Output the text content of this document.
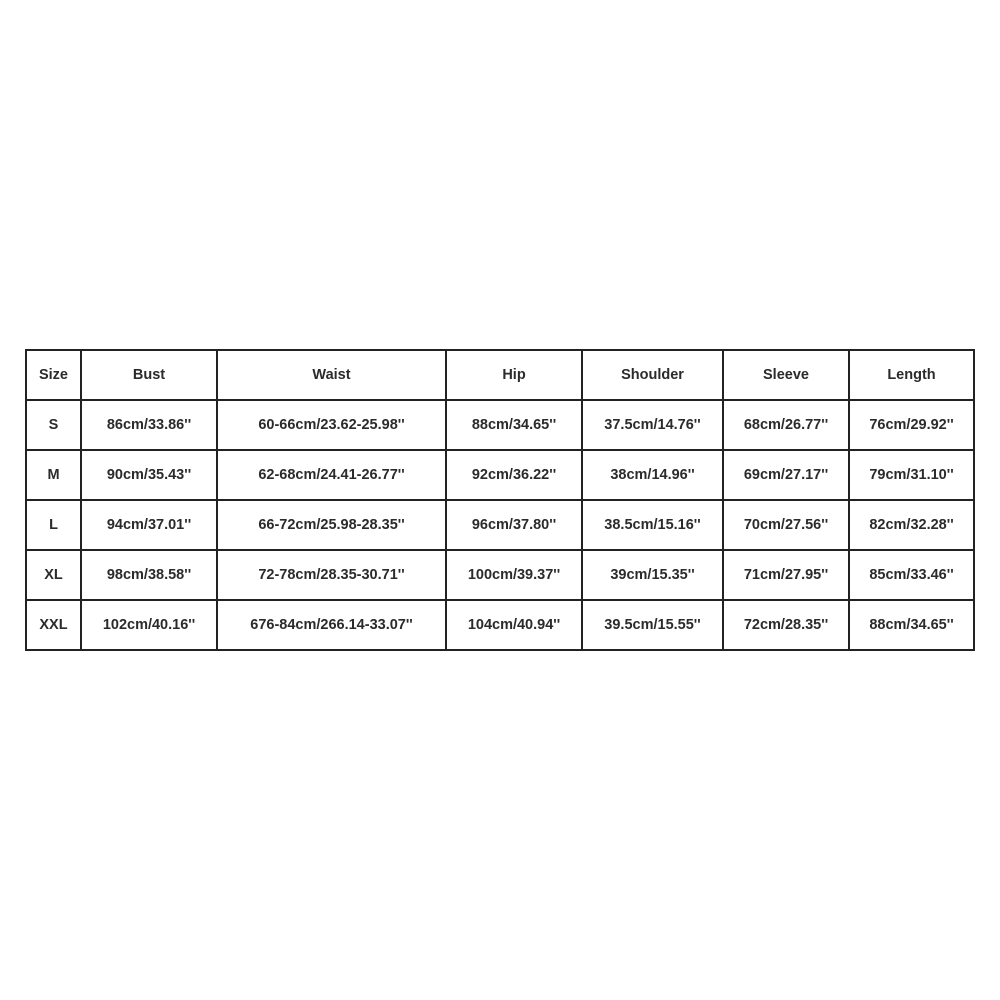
Size	Bust	Waist	Hip	Shoulder	Sleeve	Length
S	86cm/33.86''	60-66cm/23.62-25.98''	88cm/34.65''	37.5cm/14.76''	68cm/26.77''	76cm/29.92''
M	90cm/35.43''	62-68cm/24.41-26.77''	92cm/36.22''	38cm/14.96''	69cm/27.17''	79cm/31.10''
L	94cm/37.01''	66-72cm/25.98-28.35''	96cm/37.80''	38.5cm/15.16''	70cm/27.56''	82cm/32.28''
XL	98cm/38.58''	72-78cm/28.35-30.71''	100cm/39.37''	39cm/15.35''	71cm/27.95''	85cm/33.46''
XXL	102cm/40.16''	676-84cm/266.14-33.07''	104cm/40.94''	39.5cm/15.55''	72cm/28.35''	88cm/34.65''
